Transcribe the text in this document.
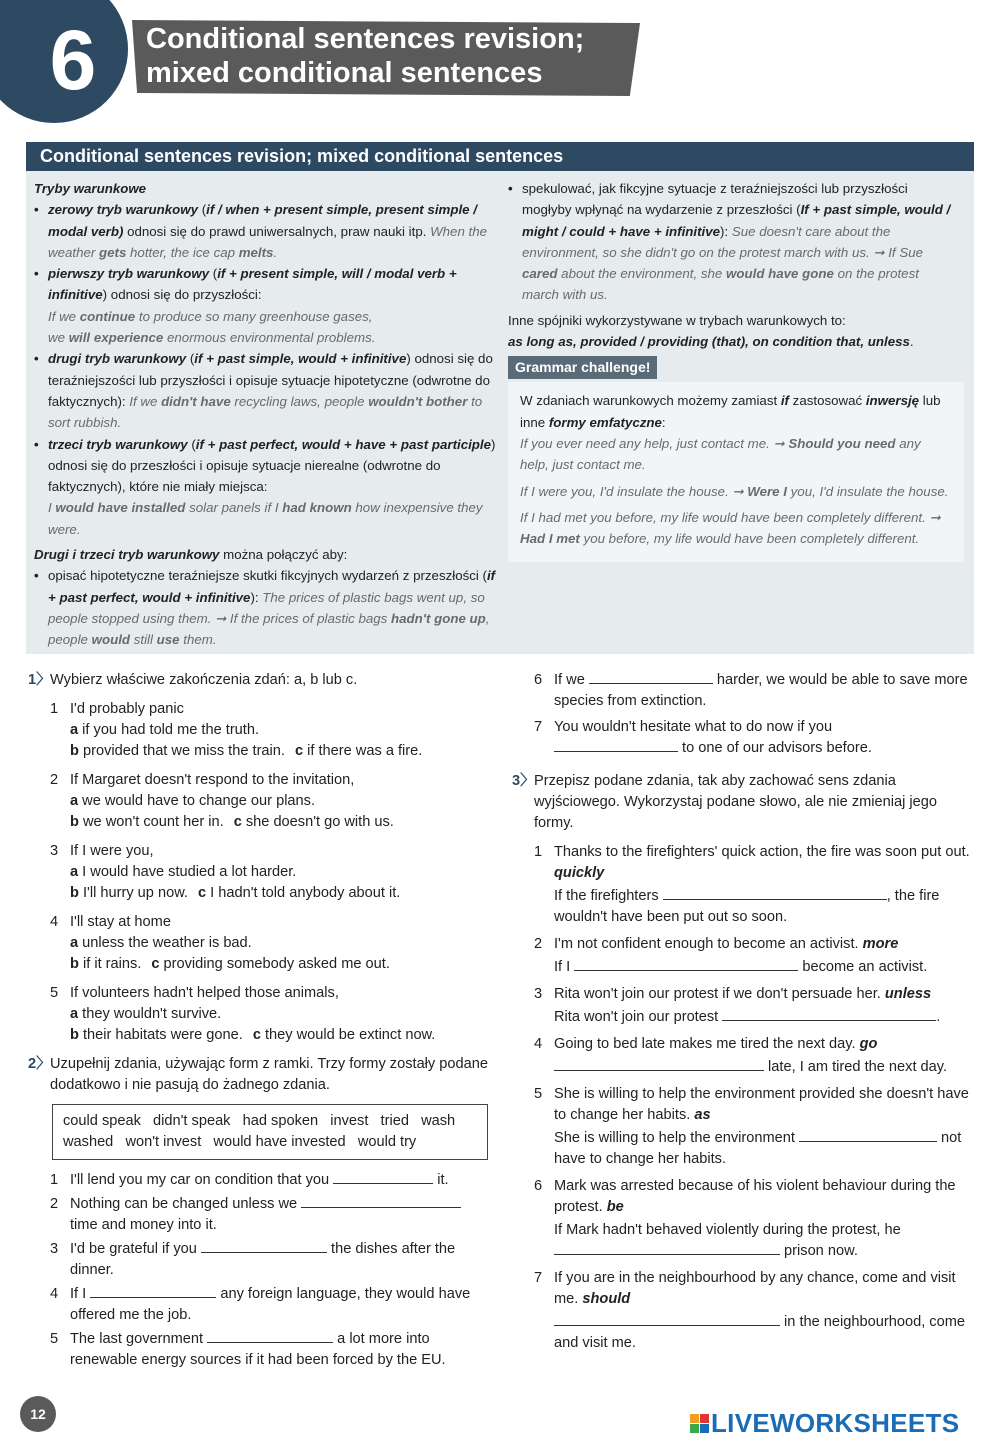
6 Conditional sentences revision;
mixed conditional sentences
Conditional sentences revision; mixed conditional sentences
Tryby warunkowe
• zerowy tryb warunkowy (if / when + present simple, present simple / modal verb) odnosi się do prawd uniwersalnych, praw nauki itp. When the weather gets hotter, the ice cap melts.
• pierwszy tryb warunkowy (if + present simple, will / modal verb + infinitive) odnosi się do przyszłości:
If we continue to produce so many greenhouse gases,
we will experience enormous environmental problems.
• drugi tryb warunkowy (if + past simple, would + infinitive) odnosi się do teraźniejszości lub przyszłości i opisuje sytuacje hipotetyczne (odwrotne do faktycznych): If we didn't have recycling laws, people wouldn't bother to sort rubbish.
• trzeci tryb warunkowy (if + past perfect, would + have + past participle) odnosi się do przeszłości i opisuje sytuacje nierealne (odwrotne do faktycznych), które nie miały miejsca:
I would have installed solar panels if I had known how inexpensive they were.
Drugi i trzeci tryb warunkowy można połączyć aby:
• opisać hipotetyczne teraźniejsze skutki fikcyjnych wydarzeń z przeszłości (if + past perfect, would + infinitive): The prices of plastic bags went up, so people stopped using them. ➞ If the prices of plastic bags hadn't gone up, people would still use them.
• spekulować, jak fikcyjne sytuacje z teraźniejszości lub przyszłości mogłyby wpłynąć na wydarzenie z przeszłości (If + past simple, would / might / could + have + infinitive): Sue doesn't care about the environment, so she didn't go on the protest march with us. ➞ If Sue cared about the environment, she would have gone on the protest march with us.
Inne spójniki wykorzystywane w trybach warunkowych to:
as long as, provided / providing (that), on condition that, unless.
Grammar challenge!

W zdaniach warunkowych możemy zamiast if zastosować inwersję lub inne formy emfatyczne:
If you ever need any help, just contact me. ➞ Should you need any help, just contact me.

If I were you, I'd insulate the house. ➞ Were I you, I'd insulate the house.

If I had met you before, my life would have been completely different. ➞ Had I met you before, my life would have been completely different.

1〉 Wybierz właściwe zakończenia zdań: a, b lub c.
1 I'd probably panic
a if you had told me the truth.
b provided that we miss the train. c if there was a fire.
2 If Margaret doesn't respond to the invitation,
a we would have to change our plans.
b we won't count her in. c she doesn't go with us.
3 If I were you,
a I would have studied a lot harder.
b I'll hurry up now. c I hadn't told anybody about it.
4 I'll stay at home
a unless the weather is bad.
b if it rains. c providing somebody asked me out.
5 If volunteers hadn't helped those animals,
a they wouldn't survive.
b their habitats were gone. c they would be extinct now.
2〉 Uzupełnij zdania, używając form z ramki. Trzy formy zostały podane dodatkowo i nie pasują do żadnego zdania.
could speak   didn't speak   had spoken   invest   tried   wash
washed   won't invest   would have invested   would try
1 I'll lend you my car on condition that you	it.
2 Nothing can be changed unless we  time and money into it.
3 I'd be grateful if you	the dishes after the dinner.
4 If I	any foreign language, they would have offered me the job.
5 The last government	a lot more into renewable energy sources if it had been forced by the EU.
6 If we	harder, we would be able to save more species from extinction.
7 You wouldn't hesitate what to do now if you
to one of our advisors before.
3〉 Przepisz podane zdania, tak aby zachować sens zdania wyjściowego. Wykorzystaj podane słowo, ale nie zmieniaj jego formy.
1 Thanks to the firefighters' quick action, the fire was soon put out. quickly
If the firefighters	, the fire wouldn't have been put out so soon.
2 I'm not confident enough to become an activist. more
If I	become an activist.
3 Rita won't join our protest if we don't persuade her. unless
Rita won't join our protest	.
4 Going to bed late makes me tired the next day. go
late, I am tired the next day.
5 She is willing to help the environment provided she doesn't have to change her habits. as
She is willing to help the environment	not have to change her habits.
6 Mark was arrested because of his violent behaviour during the protest. be
If Mark hadn't behaved violently during the protest, he  prison now.
7 If you are in the neighbourhood by any chance, come and visit me. should
in the neighbourhood, come and visit me.
12	LIVEWORKSHEETS
